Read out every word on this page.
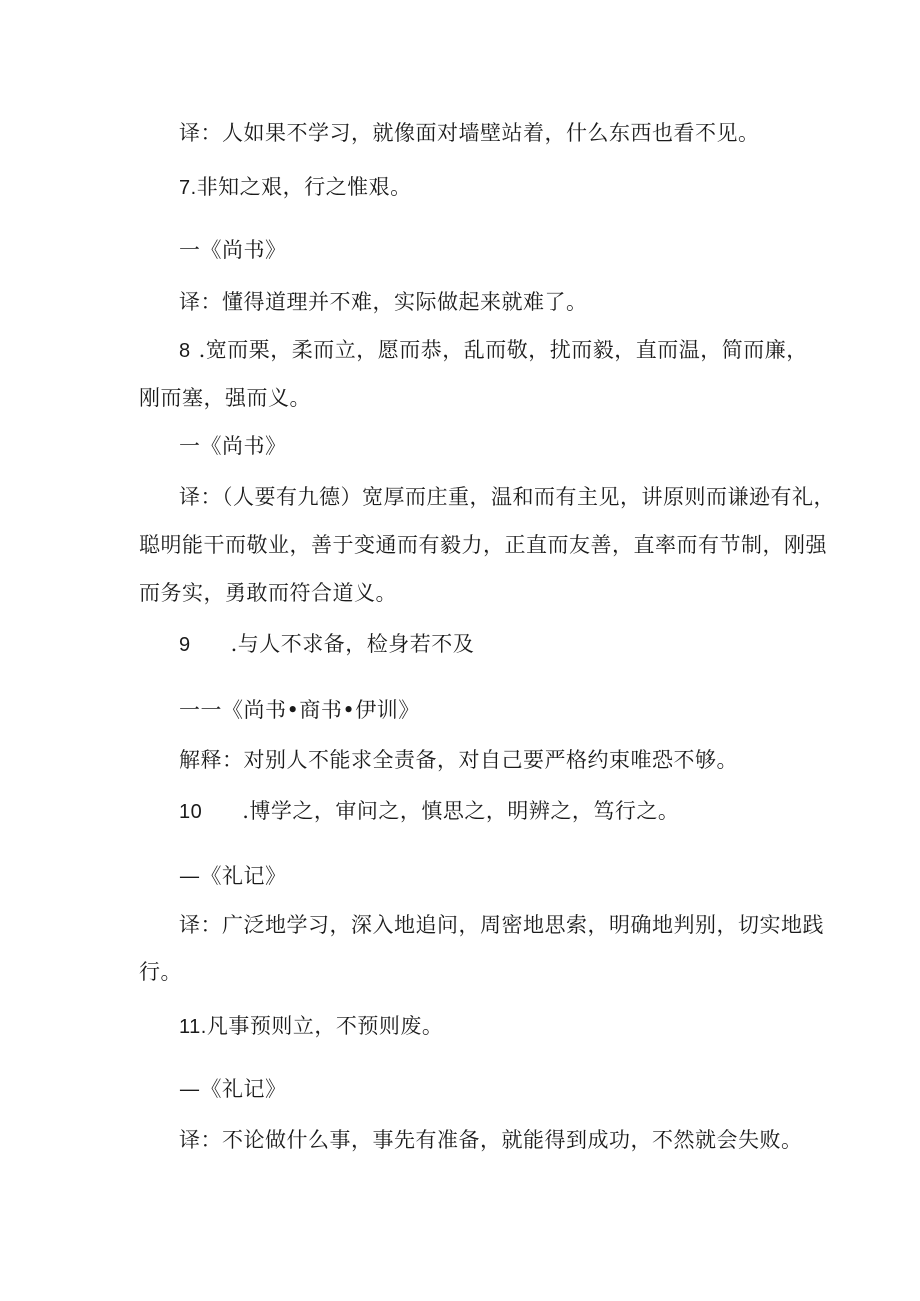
译：人如果不学习，就像面对墙壁站着，什么东西也看不见。
7.非知之艰，行之惟艰。
一《尚书》
译：懂得道理并不难，实际做起来就难了。
8 .宽而栗，柔而立，愿而恭，乱而敬，扰而毅，直而温，简而廉，
刚而塞，强而义。
一《尚书》
译：（人要有九德）宽厚而庄重，温和而有主见，讲原则而谦逊有礼，
聪明能干而敬业，善于变通而有毅力，正直而友善，直率而有节制，刚强
而务实，勇敢而符合道义。
9 .与人不求备，检身若不及
一一《尚书•商书•伊训》
解释：对别人不能求全责备，对自己要严格约束唯恐不够。
10 .博学之，审问之，慎思之，明辨之，笃行之。
—《礼记》
译：广泛地学习，深入地追问，周密地思索，明确地判别，切实地践
行。
11.凡事预则立，不预则废。
—《礼记》
译：不论做什么事，事先有准备，就能得到成功，不然就会失败。
